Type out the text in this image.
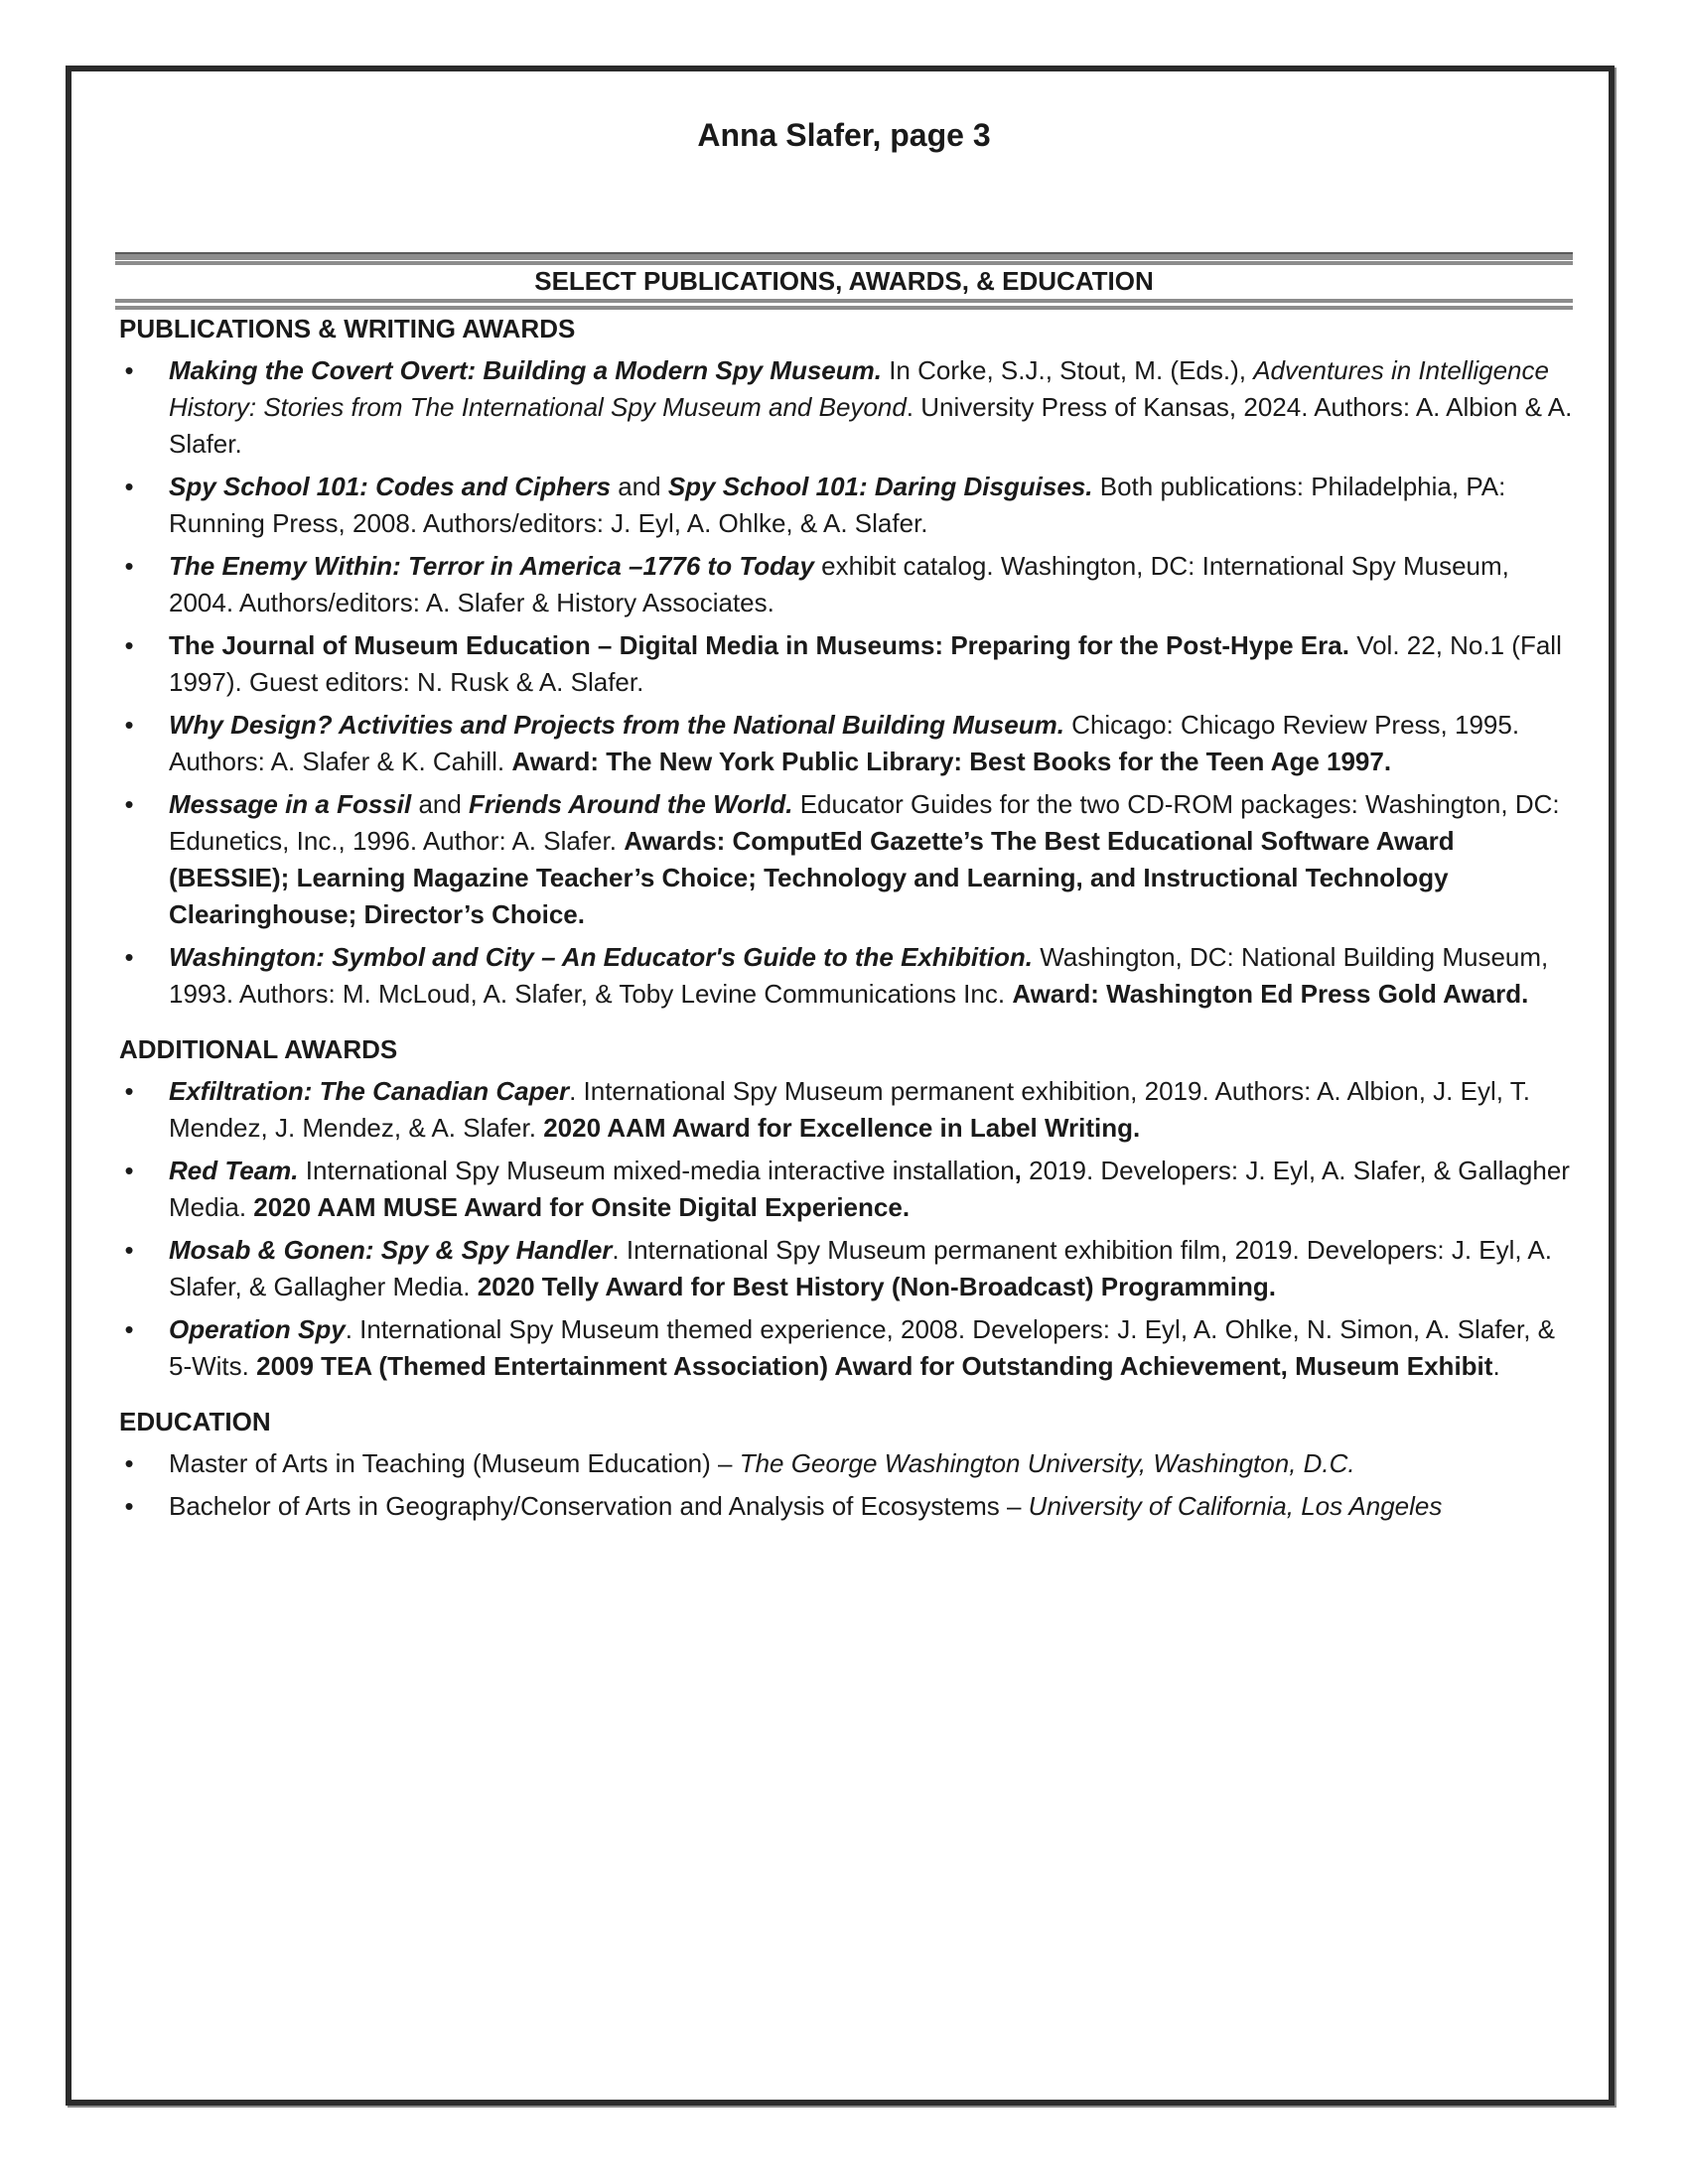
Anna Slafer, page 3
SELECT PUBLICATIONS, AWARDS, & EDUCATION
PUBLICATIONS & WRITING AWARDS
• Making the Covert Overt: Building a Modern Spy Museum. In Corke, S.J., Stout, M. (Eds.), Adventures in Intelligence History: Stories from The International Spy Museum and Beyond. University Press of Kansas, 2024. Authors: A. Albion & A. Slafer.
• Spy School 101: Codes and Ciphers and Spy School 101: Daring Disguises. Both publications: Philadelphia, PA: Running Press, 2008. Authors/editors: J. Eyl, A. Ohlke, & A. Slafer.
• The Enemy Within: Terror in America –1776 to Today exhibit catalog. Washington, DC: International Spy Museum, 2004. Authors/editors: A. Slafer & History Associates.
• The Journal of Museum Education – Digital Media in Museums: Preparing for the Post-Hype Era. Vol. 22, No.1 (Fall 1997). Guest editors: N. Rusk & A. Slafer.
• Why Design? Activities and Projects from the National Building Museum. Chicago: Chicago Review Press, 1995. Authors: A. Slafer & K. Cahill. Award: The New York Public Library: Best Books for the Teen Age 1997.
• Message in a Fossil and Friends Around the World. Educator Guides for the two CD-ROM packages: Washington, DC: Edunetics, Inc., 1996. Author: A. Slafer. Awards: ComputEd Gazette’s The Best Educational Software Award (BESSIE); Learning Magazine Teacher’s Choice; Technology and Learning, and Instructional Technology Clearinghouse; Director’s Choice.
• Washington: Symbol and City – An Educator's Guide to the Exhibition. Washington, DC: National Building Museum, 1993. Authors: M. McLoud, A. Slafer, & Toby Levine Communications Inc. Award: Washington Ed Press Gold Award.
ADDITIONAL AWARDS
• Exfiltration: The Canadian Caper. International Spy Museum permanent exhibition, 2019. Authors: A. Albion, J. Eyl, T. Mendez, J. Mendez, & A. Slafer. 2020 AAM Award for Excellence in Label Writing.
• Red Team. International Spy Museum mixed-media interactive installation, 2019. Developers: J. Eyl, A. Slafer, & Gallagher Media. 2020 AAM MUSE Award for Onsite Digital Experience.
• Mosab & Gonen: Spy & Spy Handler. International Spy Museum permanent exhibition film, 2019. Developers: J. Eyl, A. Slafer, & Gallagher Media. 2020 Telly Award for Best History (Non-Broadcast) Programming.
• Operation Spy. International Spy Museum themed experience, 2008. Developers: J. Eyl, A. Ohlke, N. Simon, A. Slafer, & 5-Wits. 2009 TEA (Themed Entertainment Association) Award for Outstanding Achievement, Museum Exhibit.
EDUCATION
• Master of Arts in Teaching (Museum Education) – The George Washington University, Washington, D.C.
• Bachelor of Arts in Geography/Conservation and Analysis of Ecosystems – University of California, Los Angeles
